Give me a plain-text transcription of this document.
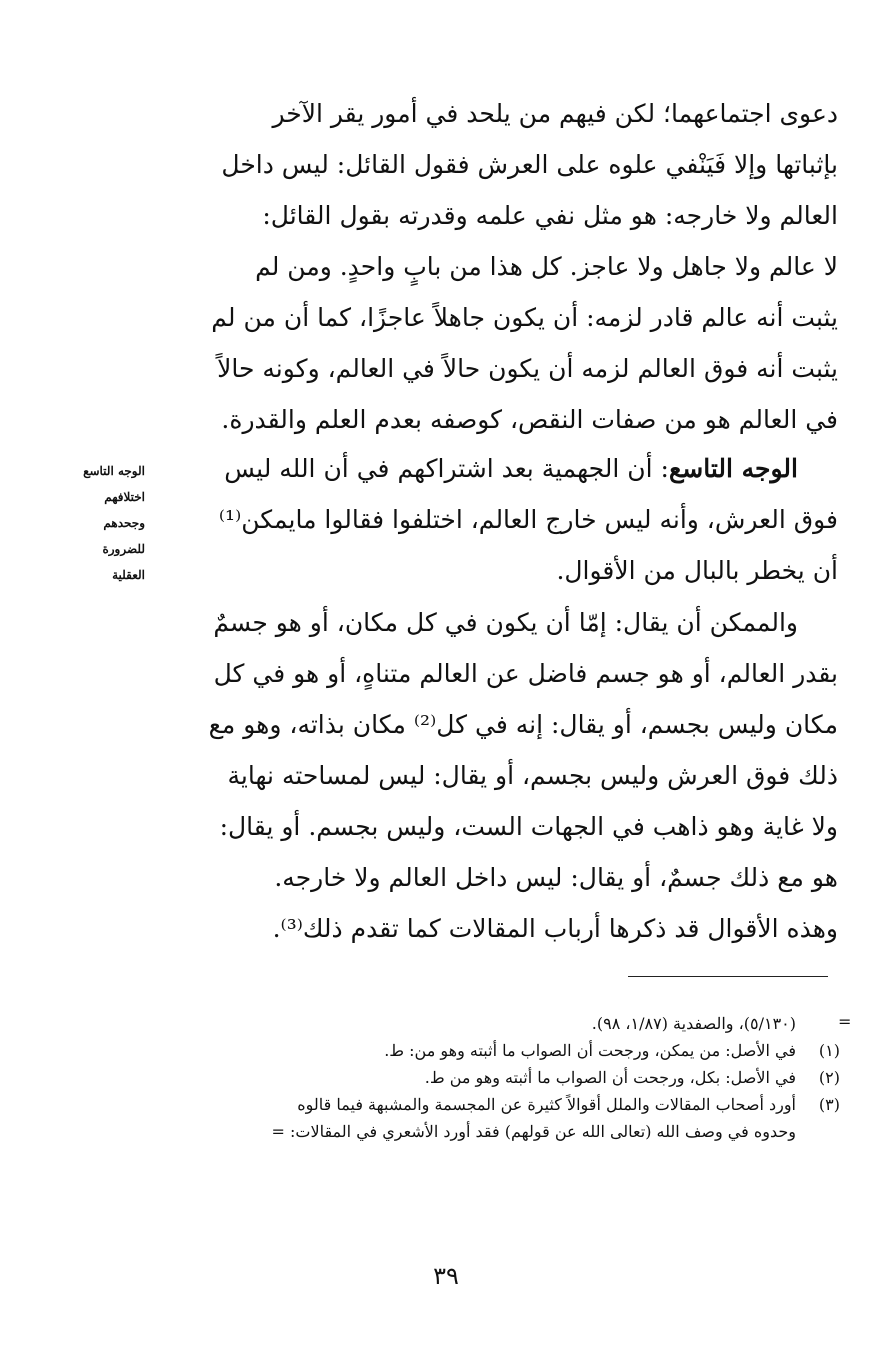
دعوى اجتماعهما؛ لكن فيهم من يلحد في أمور يقر الآخر
بإثباتها وإلا فَيَنْفي علوه على العرش فقول القائل: ليس داخل
العالم ولا خارجه: هو مثل نفي علمه وقدرته بقول القائل:
لا عالم ولا جاهل ولا عاجز. كل هذا من بابٍ واحدٍ. ومن لم
يثبت أنه عالم قادر لزمه: أن يكون جاهلاً عاجزًا، كما أن من لم
يثبت أنه فوق العالم لزمه أن يكون حالاً في العالم، وكونه حالاً
في العالم هو من صفات النقص، كوصفه بعدم العلم والقدرة.
الوجه التاسع: أن الجهمية بعد اشتراكهم في أن الله ليس
فوق العرش، وأنه ليس خارج العالم، اختلفوا فقالوا مايمكن⁽¹⁾
أن يخطر بالبال من الأقوال.
الوجه التاسع
اختلافهم
وجحدهم
للضرورة
العقلية
والممكن أن يقال: إمّا أن يكون في كل مكان، أو هو جسمٌ
بقدر العالم، أو هو جسم فاضل عن العالم متناهٍ، أو هو في كل
مكان وليس بجسم، أو يقال: إنه في كل⁽²⁾ مكان بذاته، وهو مع
ذلك فوق العرش وليس بجسم، أو يقال: ليس لمساحته نهاية
ولا غاية وهو ذاهب في الجهات الست، وليس بجسم. أو يقال:
هو مع ذلك جسمٌ، أو يقال: ليس داخل العالم ولا خارجه.
وهذه الأقوال قد ذكرها أرباب المقالات كما تقدم ذلك⁽³⁾.
=
(٥/١٣٠)، والصفدية (١/٨٧، ٩٨).
(١)في الأصل: من يمكن، ورجحت أن الصواب ما أثبته وهو من: ط.
(٢)في الأصل: بكل، ورجحت أن الصواب ما أثبته وهو من ط.
(٣)أورد أصحاب المقالات والملل أقوالاً كثيرة عن المجسمة والمشبهة فيما قالوه
وحدوه في وصف الله (تعالى الله عن قولهم) فقد أورد الأشعري في المقالات: =
٣٩
